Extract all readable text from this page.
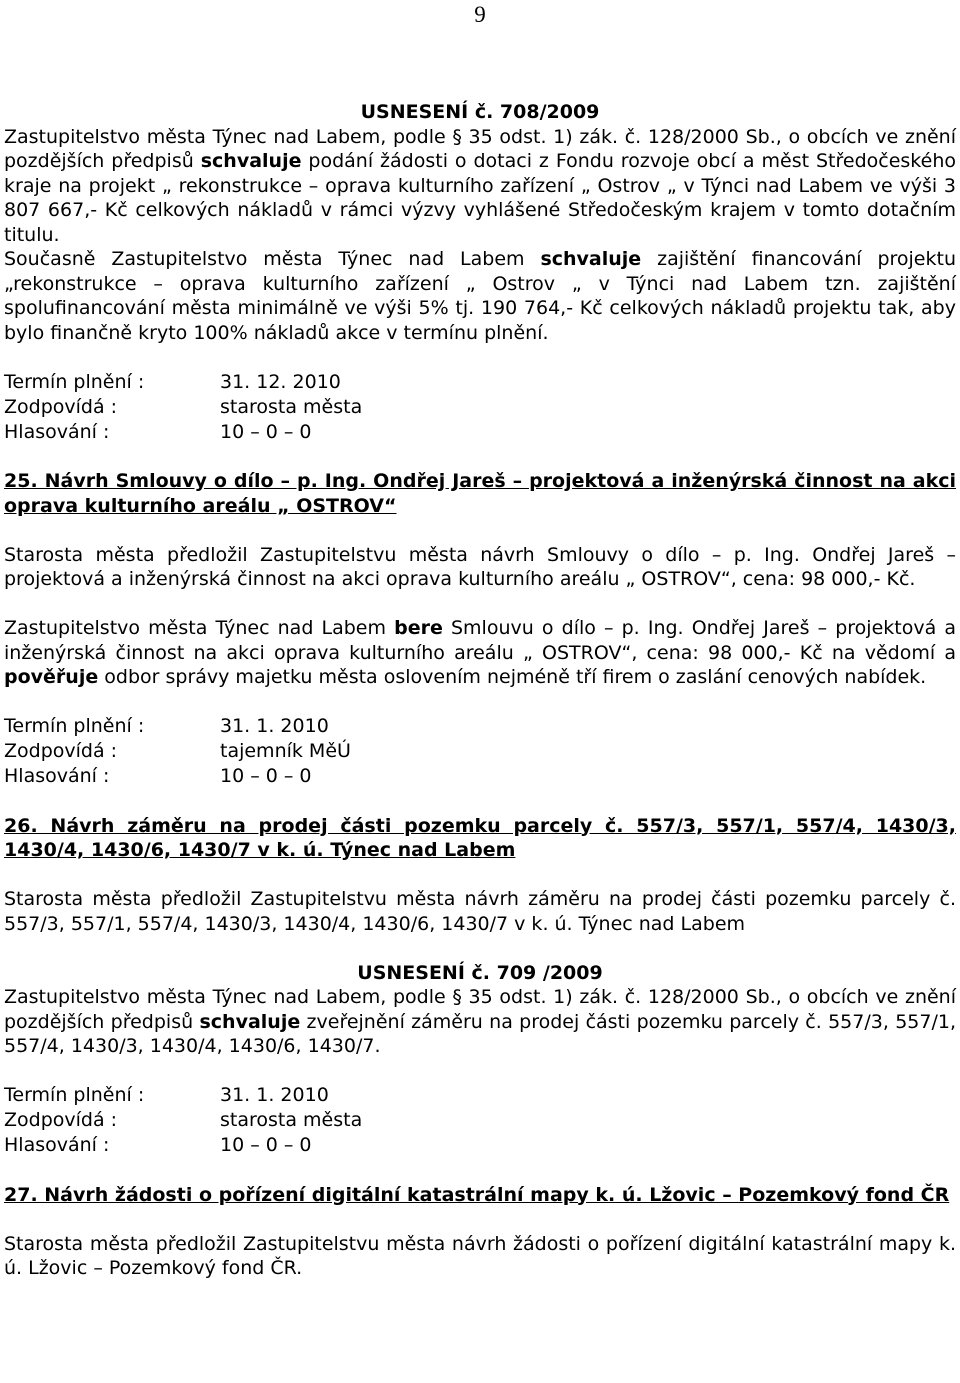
9

USNESENÍ č. 708/2009

Zastupitelstvo města Týnec nad Labem, podle § 35 odst. 1) zák. č. 128/2000 Sb., o obcích ve znění pozdějších předpisů schvaluje podání žádosti o dotaci z Fondu rozvoje obcí a měst Středočeského kraje na projekt „ rekonstrukce – oprava kulturního zařízení „ Ostrov „ v Týnci nad Labem ve výši 3 807 667,- Kč celkových nákladů v rámci výzvy vyhlášené Středočeským krajem v tomto dotačním titulu.

Současně Zastupitelstvo města Týnec nad Labem schvaluje zajištění financování projektu „rekonstrukce – oprava kulturního zařízení „ Ostrov „ v Týnci nad Labem tzn. zajištění spolufinancování města minimálně ve výši 5% tj. 190 764,- Kč celkových nákladů projektu tak, aby bylo finančně kryto 100% nákladů akce v termínu plnění.

Termín plnění :	31. 12. 2010
Zodpovídá :	starosta města
Hlasování :	10 – 0 – 0

25. Návrh Smlouvy o dílo – p. Ing. Ondřej Jareš – projektová a inženýrská činnost na akci oprava kulturního areálu „ OSTROV“

Starosta města předložil Zastupitelstvu města návrh Smlouvy o dílo – p. Ing. Ondřej Jareš – projektová a inženýrská činnost na akci oprava kulturního areálu „ OSTROV“, cena: 98 000,- Kč.

Zastupitelstvo města Týnec nad Labem bere Smlouvu o dílo – p. Ing. Ondřej Jareš – projektová a inženýrská činnost na akci oprava kulturního areálu „ OSTROV“, cena: 98 000,- Kč na vědomí a pověřuje odbor správy majetku města oslovením nejméně tří firem o zaslání cenových nabídek.

Termín plnění :	31. 1. 2010
Zodpovídá :	tajemník MěÚ
Hlasování :	10 – 0 – 0

26. Návrh záměru na prodej části pozemku parcely č. 557/3, 557/1, 557/4, 1430/3, 1430/4, 1430/6, 1430/7 v k. ú. Týnec nad Labem

Starosta města předložil Zastupitelstvu města návrh záměru na prodej části pozemku parcely č. 557/3, 557/1, 557/4, 1430/3, 1430/4, 1430/6, 1430/7 v k. ú. Týnec nad Labem

USNESENÍ č. 709 /2009

Zastupitelstvo města Týnec nad Labem, podle § 35 odst. 1) zák. č. 128/2000 Sb., o obcích ve znění pozdějších předpisů schvaluje zveřejnění záměru na prodej části pozemku parcely č. 557/3, 557/1, 557/4, 1430/3, 1430/4, 1430/6, 1430/7.

Termín plnění :	31. 1. 2010
Zodpovídá :	starosta města
Hlasování :	10 – 0 – 0

27. Návrh žádosti o pořízení digitální katastrální mapy k. ú. Lžovic – Pozemkový fond ČR

Starosta města předložil Zastupitelstvu města návrh žádosti o pořízení digitální katastrální mapy k. ú. Lžovic – Pozemkový fond ČR.
